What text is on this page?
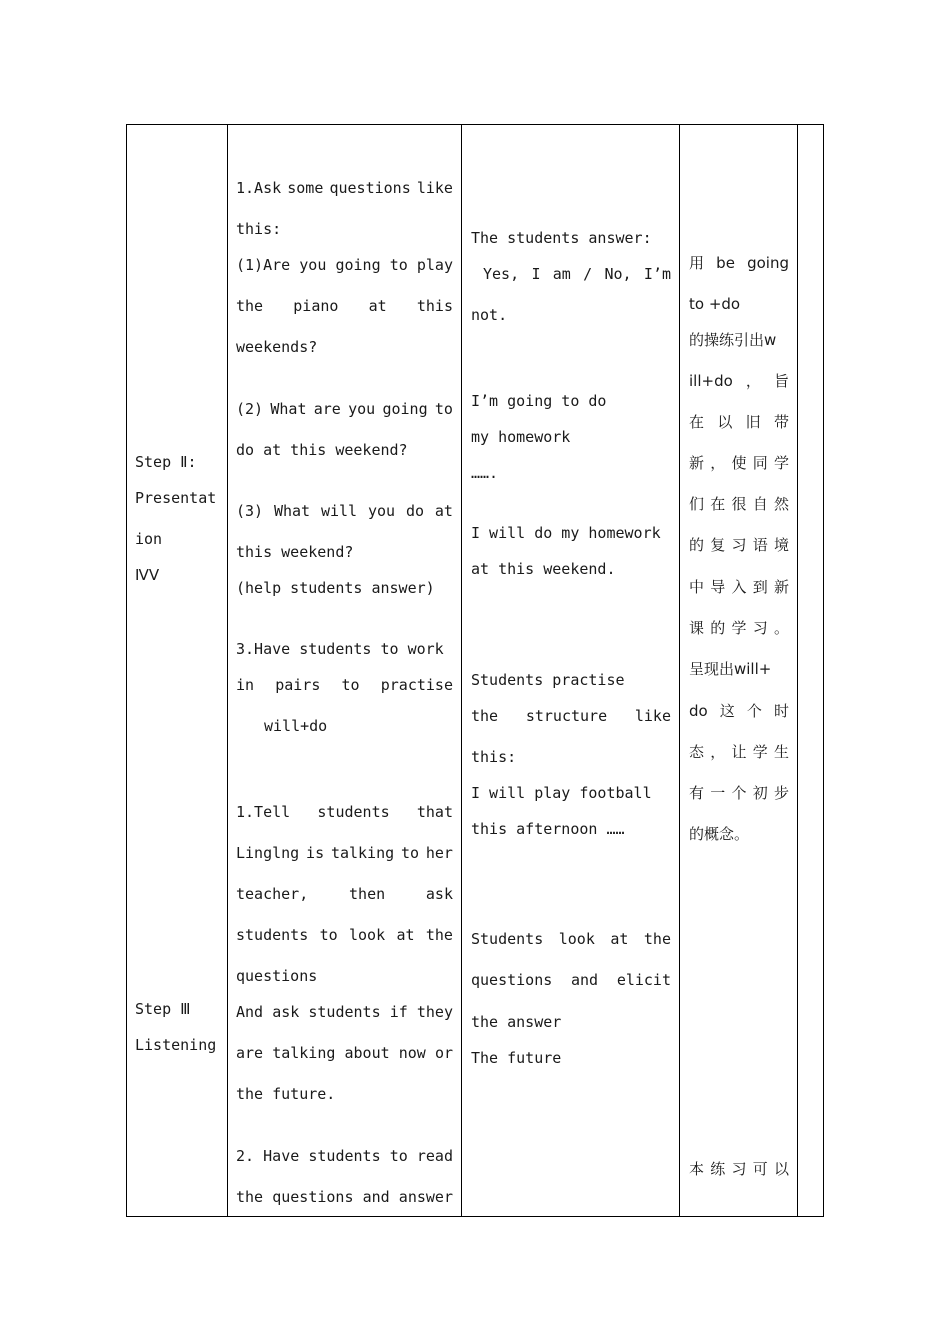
Step Ⅱ:
Presentat
ion
ⅣⅤ
Step Ⅲ
Listening
1.Ask some questions like
this:
(1)Are you going to play
the piano at this
weekends?
(2) What are you going to
do at this weekend?
(3) What will you do at
this weekend?
(help students answer)
3.Have students to work
in pairs to practise
will+do
1.Tell students that
Linglng is talking to her
teacher,	then	ask
students to look at the
questions
And ask students if they
are talking about now or
the future.
2. Have students to read
the questions and answer
The students answer:
Yes, I am / No, I’m
not.
I’m going to do
my homework
…….
I will do my homework
at this weekend.
Students practise
the structure like
this:
I will play football
this afternoon ……
Students look at the
questions and elicit
the answer
The future
用 be going
to +do
的操练引出w
ill+do ， 旨
在 以 旧 带
新 ， 使 同 学
们 在 很 自 然
的 复 习 语 境
中 导 入 到 新
课 的 学 习 。
呈现出will+
do 这 个 时
态 ， 让 学 生
有 一 个 初 步
的概念。
本 练 习 可 以
